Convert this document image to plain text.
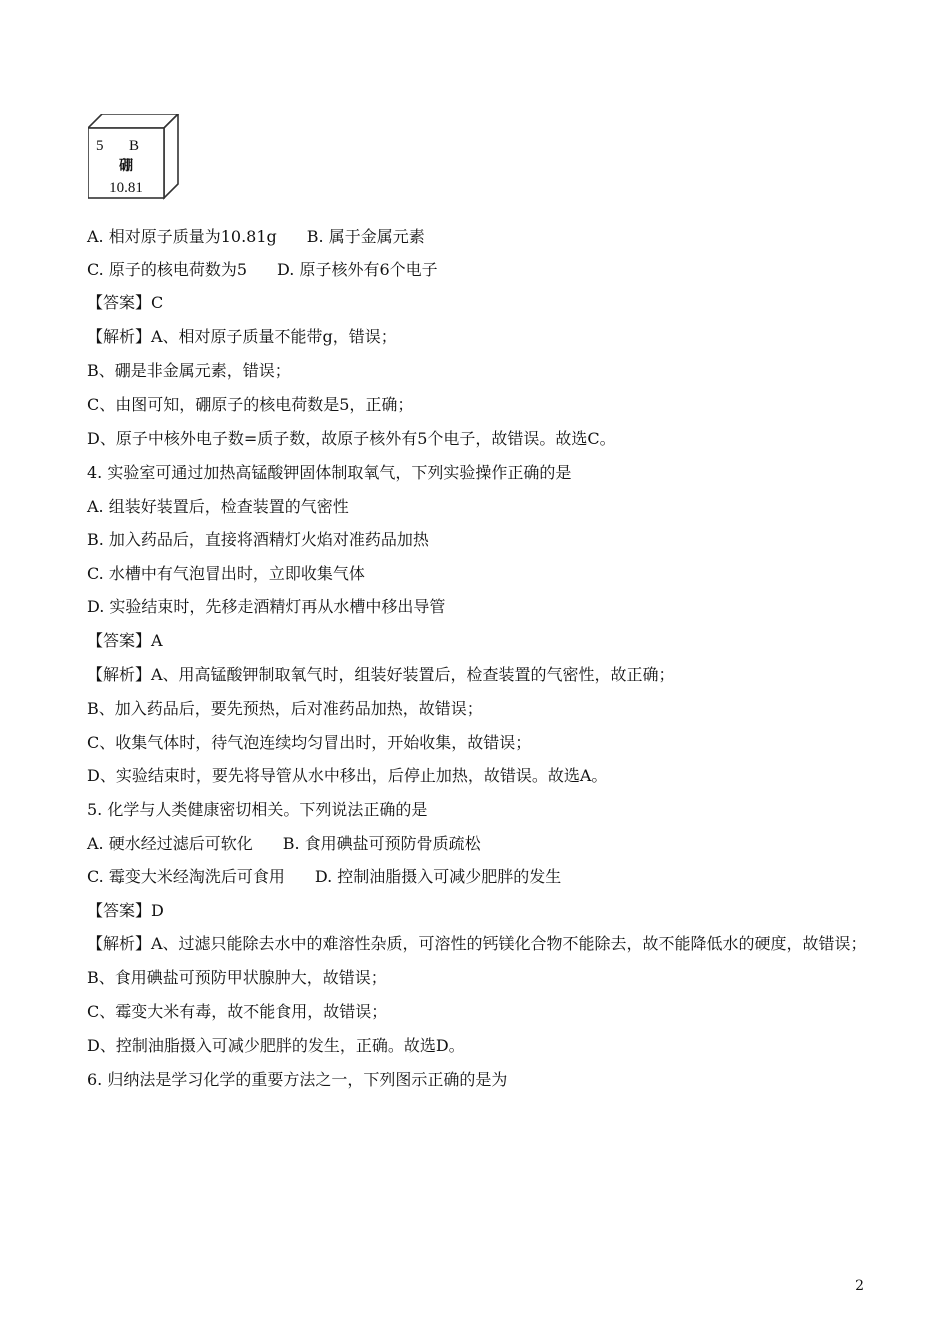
5 B
硼
10.81
A. 相对原子质量为10.81g B. 属于金属元素
C. 原子的核电荷数为5 D. 原子核外有6个电子
【答案】C
【解析】A、相对原子质量不能带g，错误；
B、硼是非金属元素，错误；
C、由图可知，硼原子的核电荷数是5，正确；
D、原子中核外电子数=质子数，故原子核外有5个电子，故错误。故选C。
4. 实验室可通过加热高锰酸钾固体制取氧气，下列实验操作正确的是
A. 组装好装置后，检查装置的气密性
B. 加入药品后，直接将酒精灯火焰对准药品加热
C. 水槽中有气泡冒出时，立即收集气体
D. 实验结束时，先移走酒精灯再从水槽中移出导管
【答案】A
【解析】A、用高锰酸钾制取氧气时，组装好装置后，检查装置的气密性，故正确；
B、加入药品后，要先预热，后对准药品加热，故错误；
C、收集气体时，待气泡连续均匀冒出时，开始收集，故错误；
D、实验结束时，要先将导管从水中移出，后停止加热，故错误。故选A。
5. 化学与人类健康密切相关。下列说法正确的是
A. 硬水经过滤后可软化 B. 食用碘盐可预防骨质疏松
C. 霉变大米经淘洗后可食用 D. 控制油脂摄入可减少肥胖的发生
【答案】D
【解析】A、过滤只能除去水中的难溶性杂质，可溶性的钙镁化合物不能除去，故不能降低水的硬度，故错误；
B、食用碘盐可预防甲状腺肿大，故错误；
C、霉变大米有毒，故不能食用，故错误；
D、控制油脂摄入可减少肥胖的发生，正确。故选D。
6. 归纳法是学习化学的重要方法之一，下列图示正确的是为
2
